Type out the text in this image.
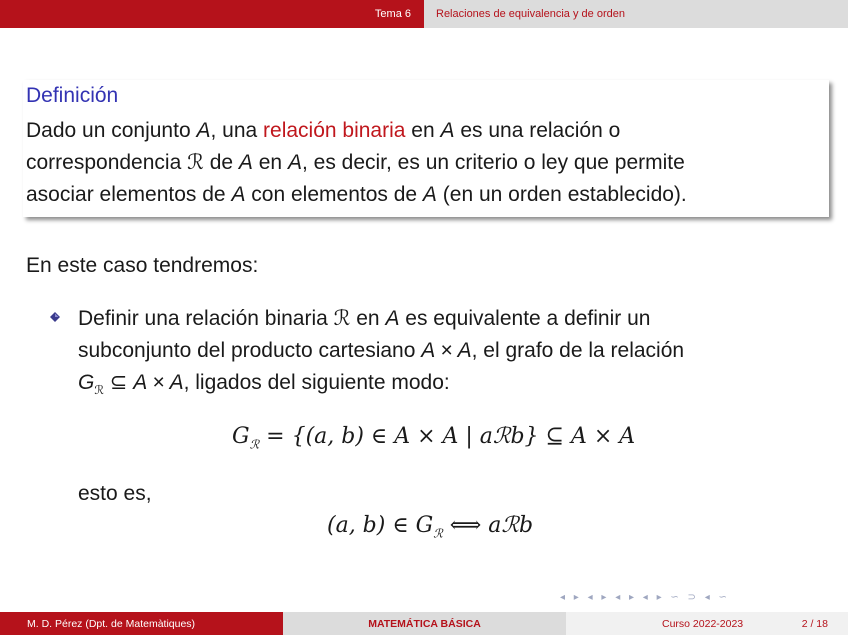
Tema 6	Relaciones de equivalencia y de orden
Definición
Dado un conjunto A, una relación binaria en A es una relación o
correspondencia ℛ de A en A, es decir, es un criterio o ley que permite
asociar elementos de A con elementos de A (en un orden establecido).
En este caso tendremos:
Definir una relación binaria ℛ en A es equivalente a definir un
subconjunto del producto cartesiano A × A, el grafo de la relación
$G_ℛ$ ⊆ A × A, ligados del siguiente modo:
$G_ℛ = \{(a$, b) ∈ A × A | aℛb} ⊆ A × A
esto es,
(a, b) ∈ $G_ℛ$ ⟺ aℛb
◂ ▸ ◂ ▸ ◂ ▸ ◂ ▸ ∽ ⊃ ◂ ∽
M. D. Pérez (Dpt. de Matemàtiques)	MATEMÁTICA BÁSICA	Curso 2022-2023	2 / 18
